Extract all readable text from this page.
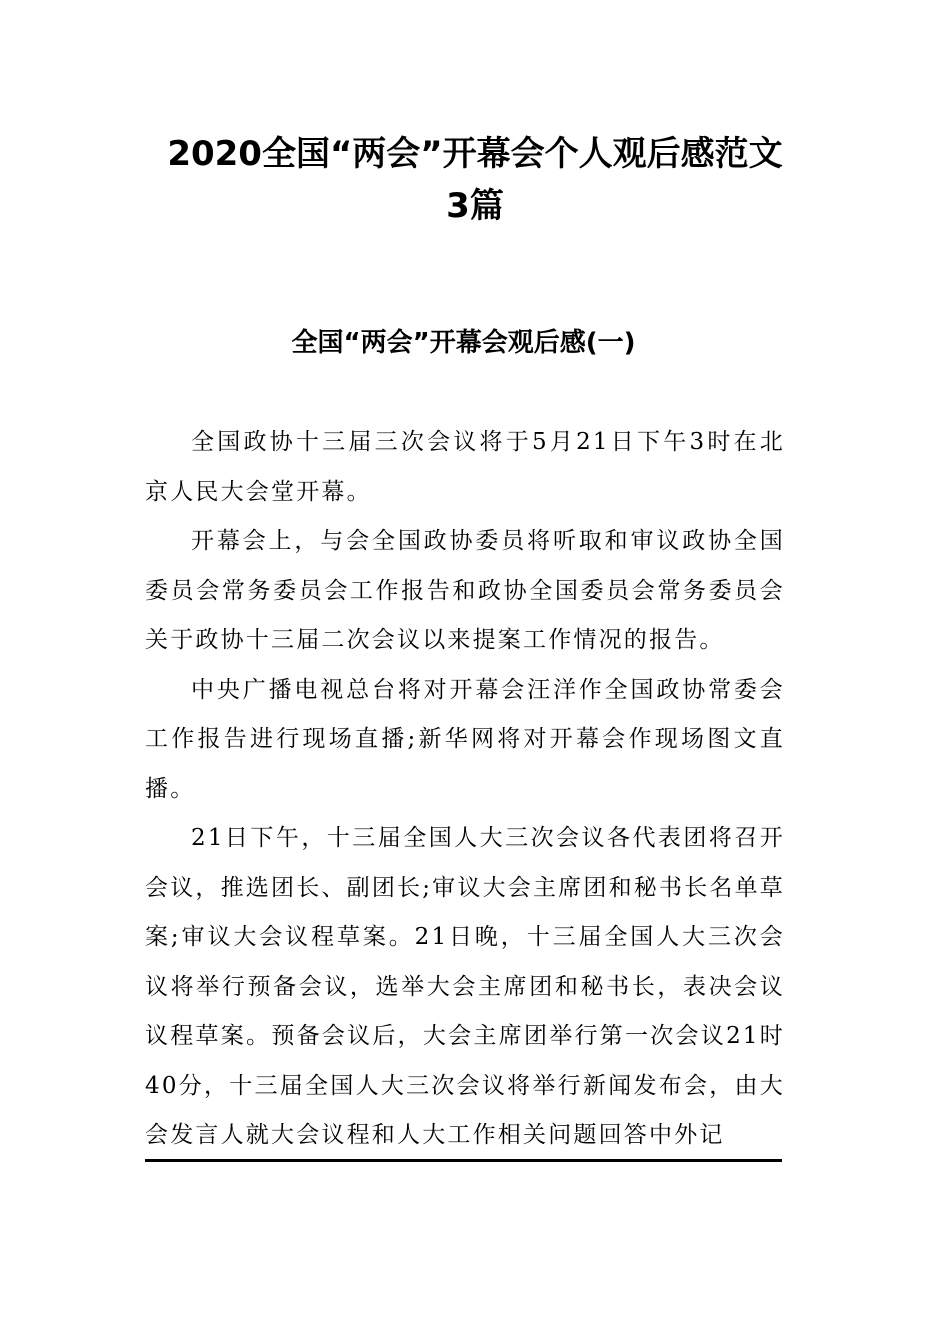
2020全国“两会”开幕会个人观后感范文
3篇
全国“两会”开幕会观后感(一)

全国政协十三届三次会议将于5月21日下午3时在北京人民大会堂开幕。

开幕会上，与会全国政协委员将听取和审议政协全国委员会常务委员会工作报告和政协全国委员会常务委员会关于政协十三届二次会议以来提案工作情况的报告。

中央广播电视总台将对开幕会汪洋作全国政协常委会工作报告进行现场直播;新华网将对开幕会作现场图文直播。

21日下午，十三届全国人大三次会议各代表团将召开会议，推选团长、副团长;审议大会主席团和秘书长名单草案;审议大会议程草案。21日晚，十三届全国人大三次会议将举行预备会议，选举大会主席团和秘书长，表决会议议程草案。预备会议后，大会主席团举行第一次会议21时40分，十三届全国人大三次会议将举行新闻发布会，由大会发言人就大会议程和人大工作相关问题回答中外记
